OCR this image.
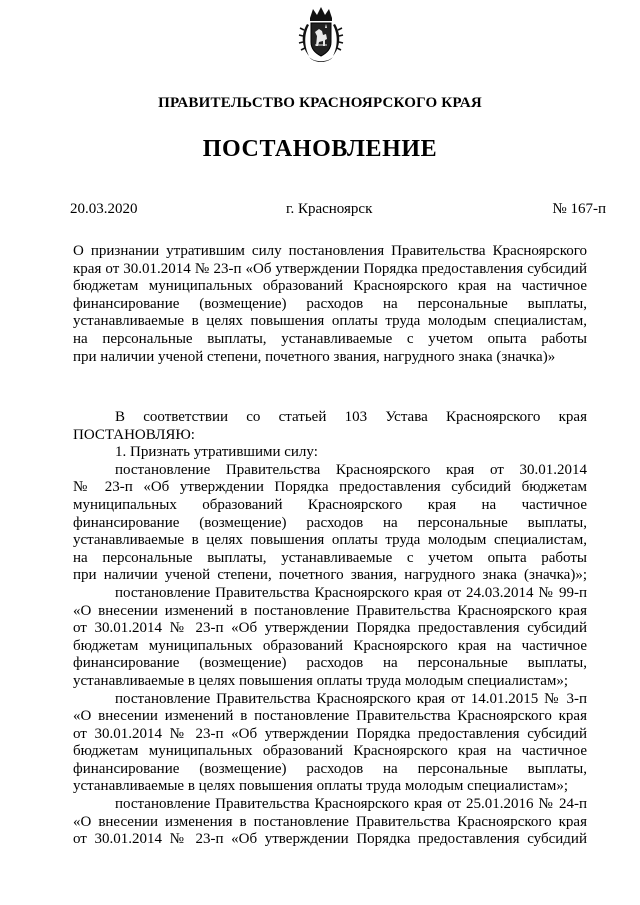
ПРАВИТЕЛЬСТВО КРАСНОЯРСКОГО КРАЯ
ПОСТАНОВЛЕНИЕ
20.03.2020	г. Красноярск	№ 167-п
О признании утратившим силу постановления Правительства Красноярского
края от 30.01.2014 № 23-п «Об утверждении Порядка предоставления субсидий
бюджетам муниципальных образований Красноярского края на частичное
финансирование (возмещение) расходов на персональные выплаты,
устанавливаемые в целях повышения оплаты труда молодым специалистам,
на персональные выплаты, устанавливаемые с учетом опыта работы
при наличии ученой степени, почетного звания, нагрудного знака (значка)»
В соответствии со статьей 103 Устава Красноярского края
ПОСТАНОВЛЯЮ:
1. Признать утратившими силу:
постановление Правительства Красноярского края от 30.01.2014
№ 23-п «Об утверждении Порядка предоставления субсидий бюджетам
муниципальных образований Красноярского края на частичное
финансирование (возмещение) расходов на персональные выплаты,
устанавливаемые в целях повышения оплаты труда молодым специалистам,
на персональные выплаты, устанавливаемые с учетом опыта работы
при наличии ученой степени, почетного звания, нагрудного знака (значка)»;
постановление Правительства Красноярского края от 24.03.2014 № 99-п
«О внесении изменений в постановление Правительства Красноярского края
от 30.01.2014 № 23-п «Об утверждении Порядка предоставления субсидий
бюджетам муниципальных образований Красноярского края на частичное
финансирование (возмещение) расходов на персональные выплаты,
устанавливаемые в целях повышения оплаты труда молодым специалистам»;
постановление Правительства Красноярского края от 14.01.2015 № 3-п
«О внесении изменений в постановление Правительства Красноярского края
от 30.01.2014 № 23-п «Об утверждении Порядка предоставления субсидий
бюджетам муниципальных образований Красноярского края на частичное
финансирование (возмещение) расходов на персональные выплаты,
устанавливаемые в целях повышения оплаты труда молодым специалистам»;
постановление Правительства Красноярского края от 25.01.2016 № 24-п
«О внесении изменения в постановление Правительства Красноярского края
от 30.01.2014 № 23-п «Об утверждении Порядка предоставления субсидий
